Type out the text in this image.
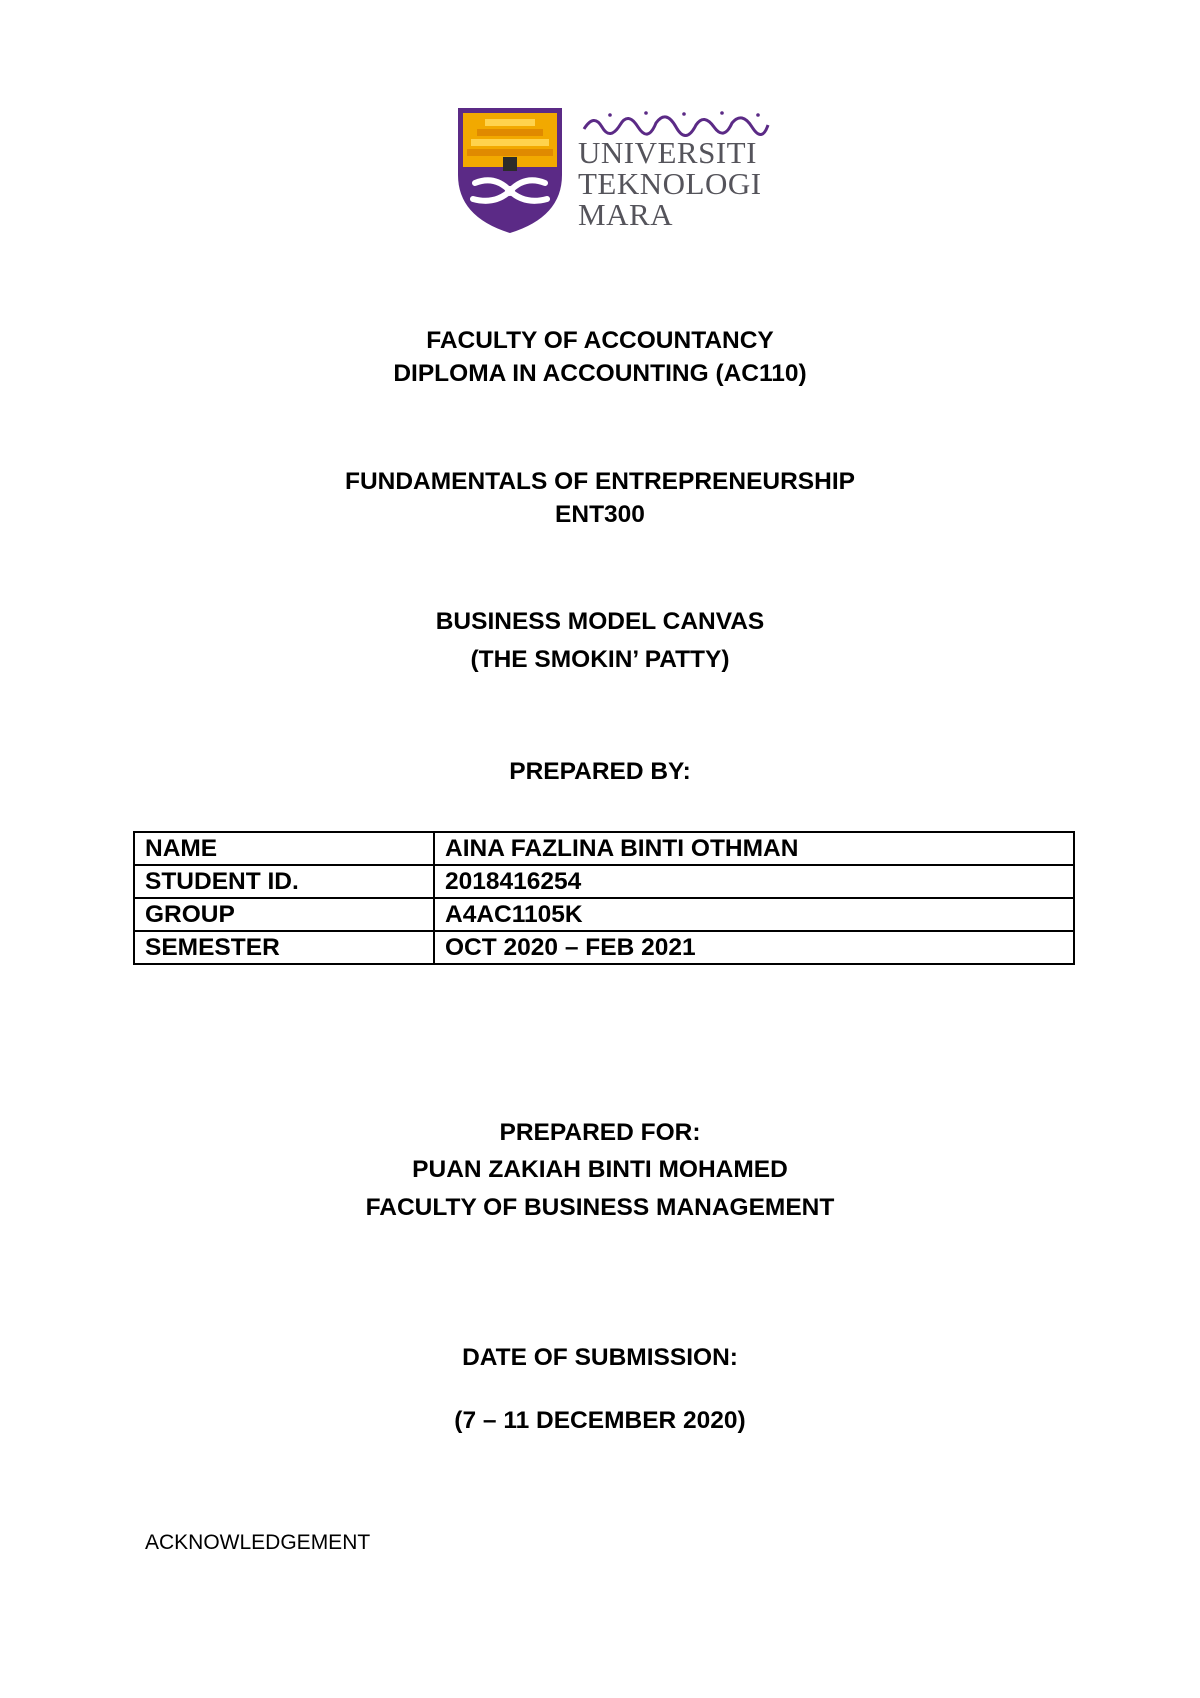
UNIVERSITI
TEKNOLOGI
MARA
FACULTY OF ACCOUNTANCY
DIPLOMA IN ACCOUNTING (AC110)
FUNDAMENTALS OF ENTREPRENEURSHIP
ENT300
BUSINESS MODEL CANVAS
(THE SMOKIN’ PATTY)
PREPARED BY:
NAME	AINA FAZLINA BINTI OTHMAN
STUDENT ID.	2018416254
GROUP	A4AC1105K
SEMESTER	OCT 2020 – FEB 2021
PREPARED FOR:
PUAN ZAKIAH BINTI MOHAMED
FACULTY OF BUSINESS MANAGEMENT
DATE OF SUBMISSION:
(7 – 11 DECEMBER 2020)
ACKNOWLEDGEMENT
